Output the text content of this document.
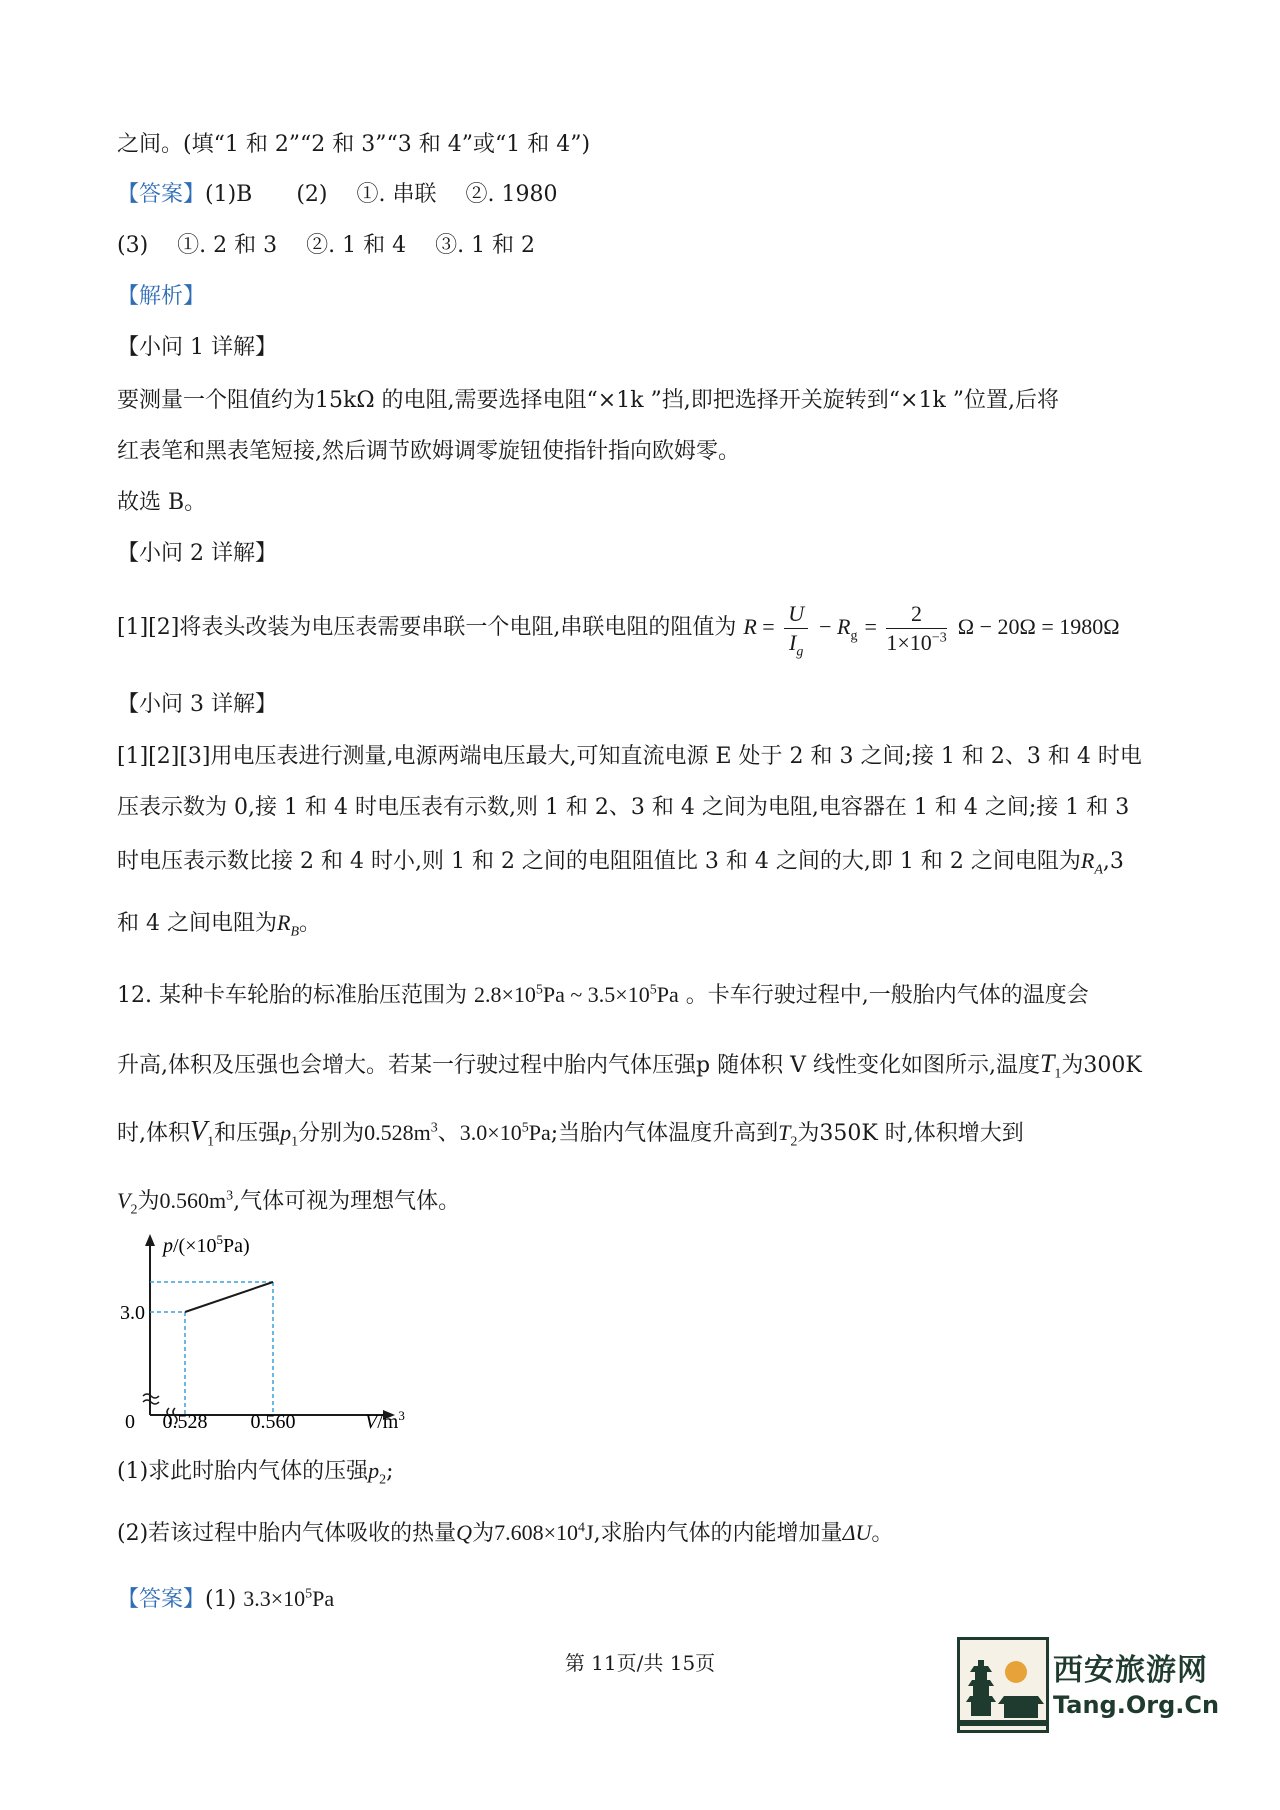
之间。(填“1 和 2”“2 和 3”“3 和 4”或“1 和 4”)
【答案】(1)B　　(2)　 ①. 串联　 ②. 1980
(3)　 ①. 2 和 3　 ②. 1 和 4　 ③. 1 和 2
【解析】
【小问 1 详解】
要测量一个阻值约为15kΩ 的电阻,需要选择电阻“×1k ”挡,即把选择开关旋转到“×1k ”位置,后将
红表笔和黑表笔短接,然后调节欧姆调零旋钮使指针指向欧姆零。
故选 B。
【小问 2 详解】
[1][2]将表头改装为电压表需要串联一个电阻,串联电阻的阻值为 $R = \frac{U}{I_g} - R_g = \frac{2}{1\times 10^{-3}}$ Ω − 20Ω = 1980Ω
【小问 3 详解】
[1][2][3]用电压表进行测量,电源两端电压最大,可知直流电源 E 处于 2 和 3 之间;接 1 和 2、3 和 4 时电
压表示数为 0,接 1 和 4 时电压表有示数,则 1 和 2、3 和 4 之间为电阻,电容器在 1 和 4 之间;接 1 和 3
时电压表示数比接 2 和 4 时小,则 1 和 2 之间的电阻阻值比 3 和 4 之间的大,即 1 和 2 之间电阻为$R_A,3$
和 4 之间电阻为$R_B$。
12. 某种卡车轮胎的标准胎压范围为 $2.8\times 10^5Pa$ ~ $3.5\times 10^5Pa$ 。卡车行驶过程中,一般胎内气体的温度会
升高,体积及压强也会增大。若某一行驶过程中胎内气体压强p 随体积 V 线性变化如图所示,温度$T_1$为300K
时,体积$V_1$和压强$p_1$分别为$0.528m^3$、$3.0\times 10^5Pa$;当胎内气体温度升高到$T_2$为350K 时,体积增大到
$V_2$为$0.560m^3$,气体可视为理想气体。
$p/(\times 10^5Pa)$
0
3.0
0.528 0.560	$V/m^3$
(1)求此时胎内气体的压强$p_2$;
(2)若该过程中胎内气体吸收的热量Q为$7.608\times 10^4J$,求胎内气体的内能增加量ΔU。
【答案】(1) $3.3\times 10^5Pa$
第 11页/共 15页	西安旅游网
Tang.Org.Cn
